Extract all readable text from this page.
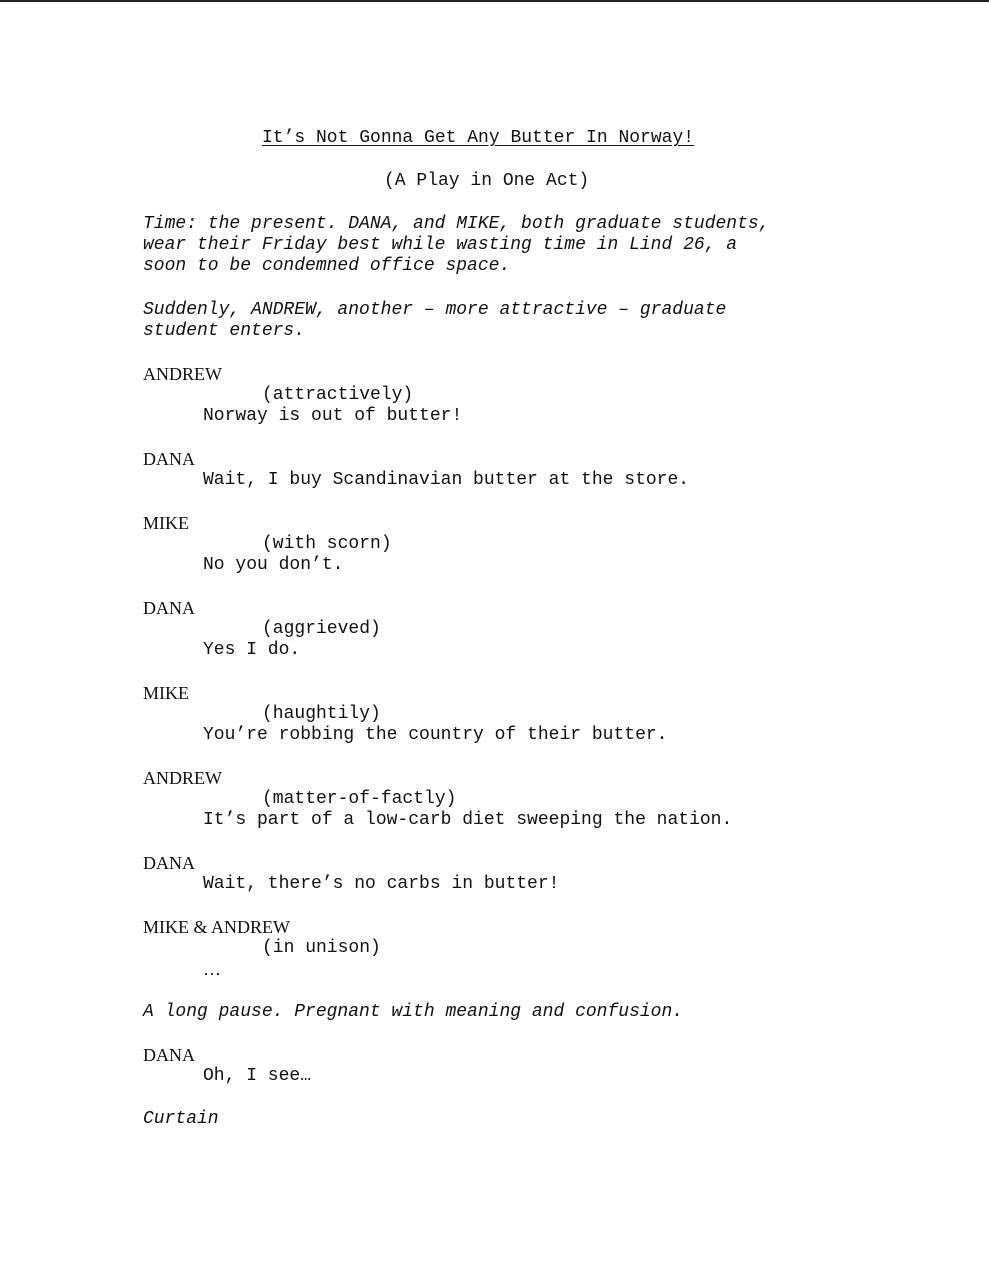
It’s Not Gonna Get Any Butter In Norway!
(A Play in One Act)
Time: the present. DANA, and MIKE, both graduate students,
wear their Friday best while wasting time in Lind 26, a
soon to be condemned office space.
Suddenly, ANDREW, another – more attractive – graduate
student enters.
ANDREW
(attractively)
Norway is out of butter!
DANA
Wait, I buy Scandinavian butter at the store.
MIKE
(with scorn)
No you don’t.
DANA
(aggrieved)
Yes I do.
MIKE
(haughtily)
You’re robbing the country of their butter.
ANDREW
(matter-of-factly)
It’s part of a low-carb diet sweeping the nation.
DANA
Wait, there’s no carbs in butter!
MIKE & ANDREW
(in unison)
…
A long pause. Pregnant with meaning and confusion.
DANA
Oh, I see…
Curtain
